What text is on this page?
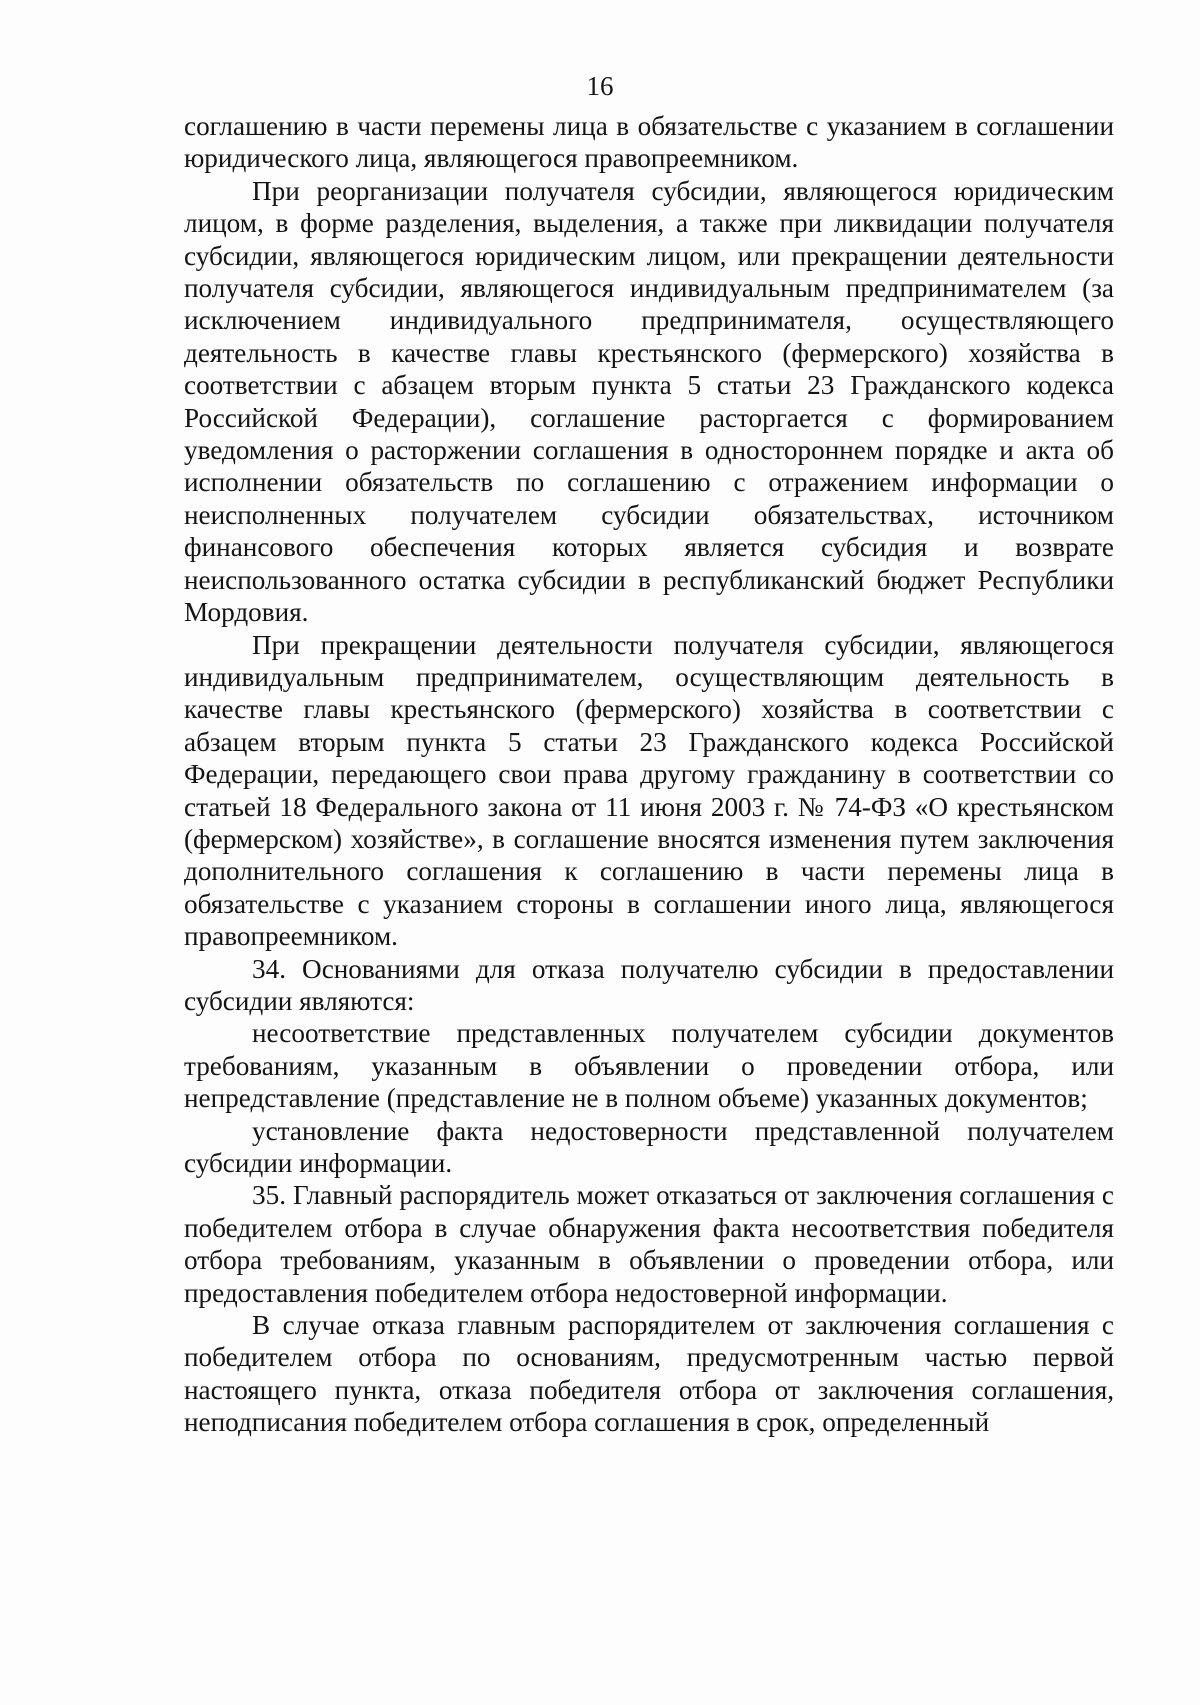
16

соглашению в части перемены лица в обязательстве с указанием в соглашении юридического лица, являющегося правопреемником.

При реорганизации получателя субсидии, являющегося юридическим лицом, в форме разделения, выделения, а также при ликвидации получателя субсидии, являющегося юридическим лицом, или прекращении деятельности получателя субсидии, являющегося индивидуальным предпринимателем (за исключением индивидуального предпринимателя, осуществляющего деятельность в качестве главы крестьянского (фермерского) хозяйства в соответствии с абзацем вторым пункта 5 статьи 23 Гражданского кодекса Российской Федерации), соглашение расторгается с формированием уведомления о расторжении соглашения в одностороннем порядке и акта об исполнении обязательств по соглашению с отражением информации о неисполненных получателем субсидии обязательствах, источником финансового обеспечения которых является субсидия и возврате неиспользованного остатка субсидии в республиканский бюджет Республики Мордовия.

При прекращении деятельности получателя субсидии, являющегося индивидуальным предпринимателем, осуществляющим деятельность в качестве главы крестьянского (фермерского) хозяйства в соответствии с абзацем вторым пункта 5 статьи 23 Гражданского кодекса Российской Федерации, передающего свои права другому гражданину в соответствии со статьей 18 Федерального закона от 11 июня 2003 г. № 74-ФЗ «О крестьянском (фермерском) хозяйстве», в соглашение вносятся изменения путем заключения дополнительного соглашения к соглашению в части перемены лица в обязательстве с указанием стороны в соглашении иного лица, являющегося правопреемником.

34. Основаниями для отказа получателю субсидии в предоставлении субсидии являются:

несоответствие представленных получателем субсидии документов требованиям, указанным в объявлении о проведении отбора, или непредставление (представление не в полном объеме) указанных документов;

установление факта недостоверности представленной получателем субсидии информации.

35. Главный распорядитель может отказаться от заключения соглашения с победителем отбора в случае обнаружения факта несоответствия победителя отбора требованиям, указанным в объявлении о проведении отбора, или предоставления победителем отбора недостоверной информации.

В случае отказа главным распорядителем от заключения соглашения с победителем отбора по основаниям, предусмотренным частью первой настоящего пункта, отказа победителя отбора от заключения соглашения, неподписания победителем отбора соглашения в срок, определенный
